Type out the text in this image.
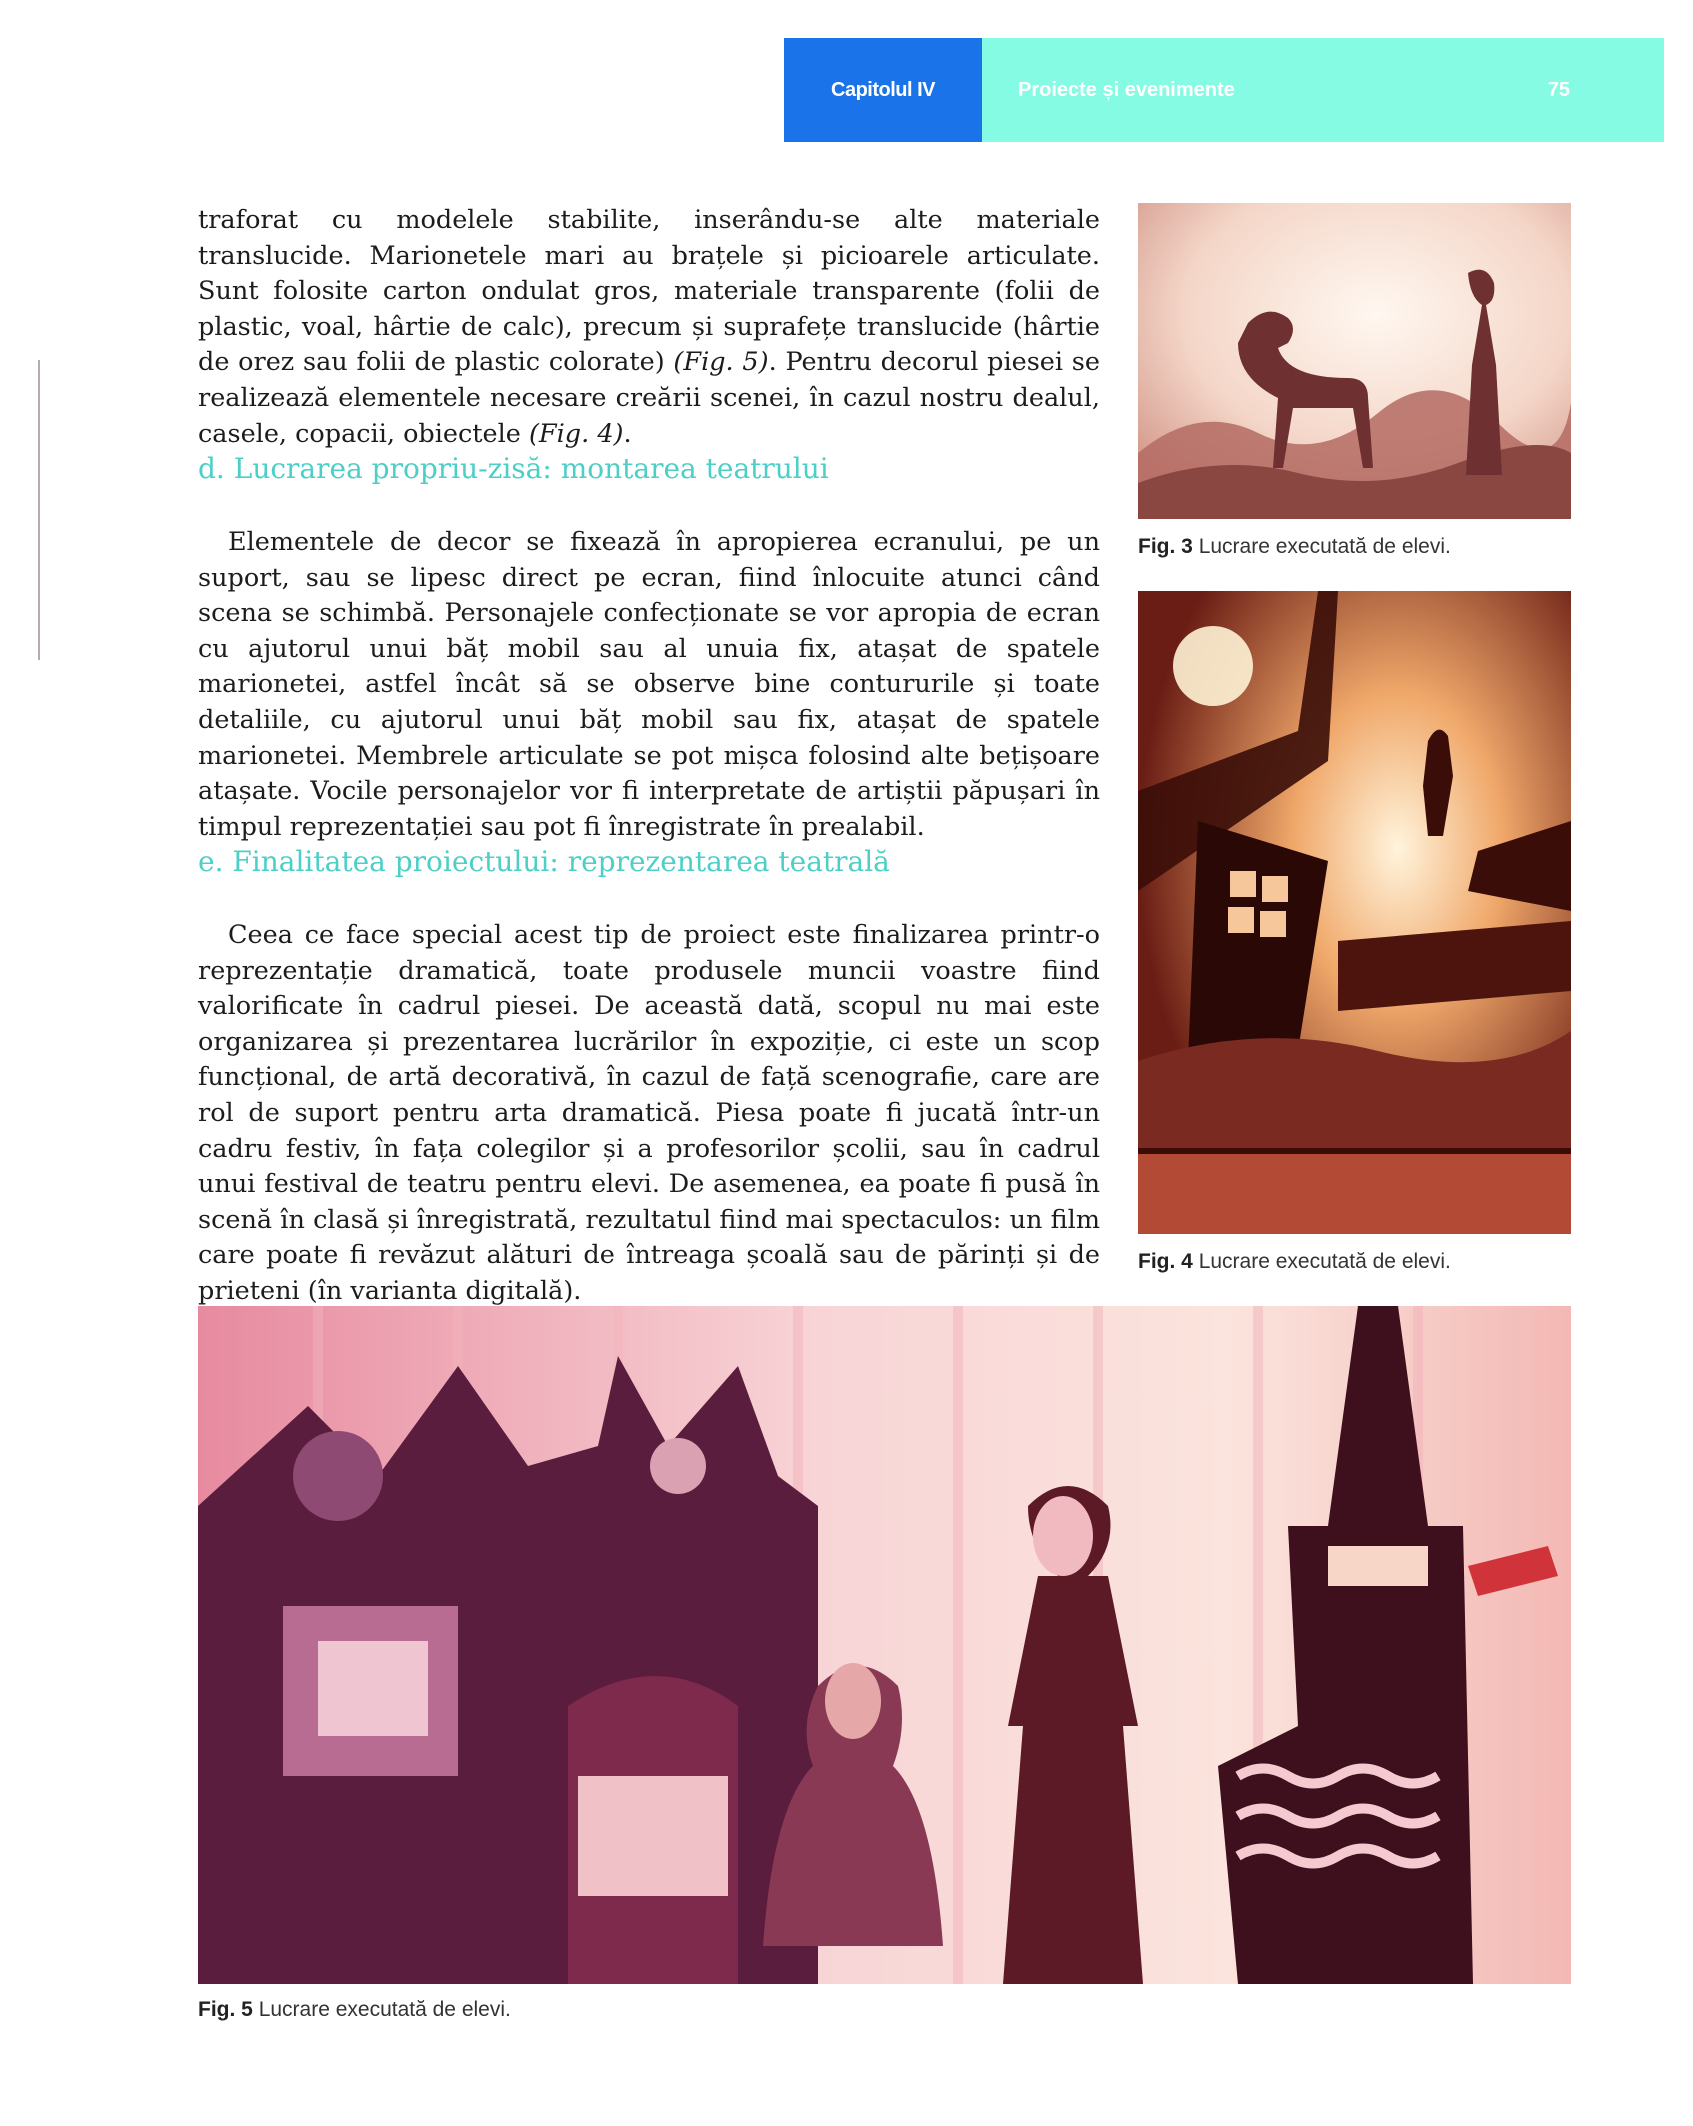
Capitolul IV	Proiecte și evenimente	75

traforat cu modelele stabilite, inserându-se alte materiale translucide. Marionetele mari au brațele și picioarele articulate. Sunt folosite carton ondulat gros, materiale transparente (folii de plastic, voal, hârtie de calc), precum și suprafețe translucide (hârtie de orez sau folii de plastic colorate) (Fig. 5). Pentru decorul piesei se realizează elementele necesare creării scenei, în cazul nostru dealul, casele, copacii, obiectele (Fig. 4).

d. Lucrarea propriu-zisă: montarea teatrului

Elementele de decor se fixează în apropierea ecranului, pe un suport, sau se lipesc direct pe ecran, fiind înlocuite atunci când scena se schimbă. Personajele confecționate se vor apropia de ecran cu ajutorul unui băț mobil sau al unuia fix, atașat de spatele marionetei, astfel încât să se observe bine contururile și toate detaliile, cu ajutorul unui băț mobil sau fix, atașat de spatele marionetei. Membrele articulate se pot mișca folosind alte bețișoare atașate. Vocile personajelor vor fi interpretate de artiștii păpușari în timpul reprezentației sau pot fi înregistrate în prealabil.

e. Finalitatea proiectului: reprezentarea teatrală

Ceea ce face special acest tip de proiect este finalizarea printr-o reprezentație dramatică, toate produsele muncii voastre fiind valorificate în cadrul piesei. De această dată, scopul nu mai este organizarea și prezentarea lucrărilor în expoziție, ci este un scop funcțional, de artă decorativă, în cazul de față scenografie, care are rol de suport pentru arta dramatică. Piesa poate fi jucată într-un cadru festiv, în fața colegilor și a profesorilor școlii, sau în cadrul unui festival de teatru pentru elevi. De asemenea, ea poate fi pusă în scenă în clasă și înregistrată, rezultatul fiind mai spectaculos: un film care poate fi revăzut alături de întreaga școală sau de părinți și de prieteni (în varianta digitală).

Fig. 3 Lucrare executată de elevi.
Fig. 4 Lucrare executată de elevi.
Fig. 5 Lucrare executată de elevi.
